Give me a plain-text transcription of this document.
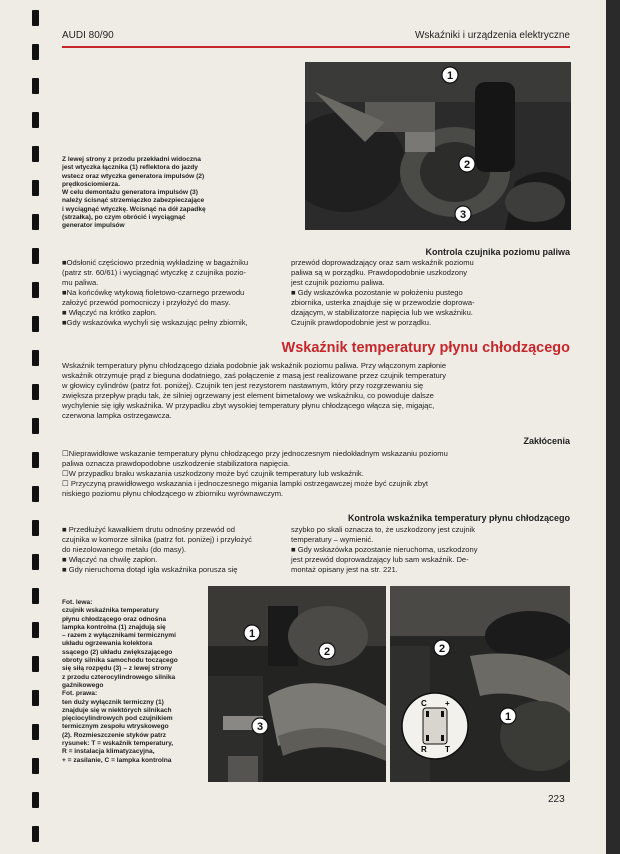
AUDI 80/90	Wskaźniki i urządzenia elektryczne
1
2
3
Z lewej strony z przodu przekładni widoczna
jest wtyczka łącznika (1) reflektora do jazdy
wstecz oraz wtyczka generatora impulsów (2)
prędkościomierza.
W celu demontażu generatora impulsów (3)
należy ścisnąć strzemiączko zabezpieczające
i wyciągnąć wtyczkę. Wcisnąć na dół zapadkę
(strzałka), po czym obrócić i wyciągnąć
generator impulsów
Kontrola czujnika poziomu paliwa
■Odsłonić częściowo przednią wykładzinę w bagażniku
(patrz str. 60/61) i wyciągnąć wtyczkę z czujnika pozio-
mu paliwa.
■Na końcówkę wtykową fioletowo-czarnego przewodu
założyć przewód pomocniczy i przyłożyć do masy.
■ Włączyć na krótko zapłon.
■Gdy wskazówka wychyli się wskazując pełny zbiornik,
przewód doprowadzający oraz sam wskaźnik poziomu
paliwa są w porządku. Prawdopodobnie uszkodzony
jest czujnik poziomu paliwa.
■ Gdy wskazówka pozostanie w położeniu pustego
zbiornika, usterka znajduje się w przewodzie doprowa-
dzającym, w stabilizatorze napięcia lub we wskaźniku.
Czujnik prawdopodobnie jest w porządku.
Wskaźnik temperatury płynu chłodzącego
Wskaźnik temperatury płynu chłodzącego działa podobnie jak wskaźnik poziomu paliwa. Przy włączonym zapłonie
wskaźnik otrzymuje prąd z bieguna dodatniego, zaś połączenie z masą jest realizowane przez czujnik temperatury
w głowicy cylindrów (patrz fot. poniżej). Czujnik ten jest rezystorem nastawnym, który przy rozgrzewaniu się
zwiększa przepływ prądu tak, że silniej ogrzewany jest element bimetalowy we wskaźniku, co powoduje dalsze
wychylenie się igły wskaźnika. W przypadku zbyt wysokiej temperatury płynu chłodzącego włącza się, migając,
czerwona lampka ostrzegawcza.
Zakłócenia
☐Nieprawidłowe wskazanie temperatury płynu chłodzącego przy jednoczesnym niedokładnym wskazaniu poziomu
paliwa oznacza prawdopodobne uszkodzenie stabilizatora napięcia.
☐W przypadku braku wskazania uszkodzony może być czujnik temperatury lub wskaźnik.
☐ Przyczyną prawidłowego wskazania i jednoczesnego migania lampki ostrzegawczej może być czujnik zbyt
niskiego poziomu płynu chłodzącego w zbiorniku wyrównawczym.
Kontrola wskaźnika temperatury płynu chłodzącego
■ Przedłużyć kawałkiem drutu odnośny przewód od
czujnika w komorze silnika (patrz fot. poniżej) i przyłożyć
do niezolowanego metalu (do masy).
■ Włączyć na chwilę zapłon.
■ Gdy nieruchoma dotąd igła wskaźnika porusza się
szybko po skali oznacza to, że uszkodzony jest czujnik
temperatury – wymienić.
■ Gdy wskazówka pozostanie nieruchoma, uszkodzony
jest przewód doprowadzający lub sam wskaźnik. De-
montaż opisany jest na str. 221.
Fot. lewa:
czujnik wskaźnika temperatury
płynu chłodzącego oraz odnośna
lampka kontrolna (1) znajdują się
– razem z wyłącznikami termicznymi
układu ogrzewania kolektora
ssącego (2) układu zwiększającego
obroty silnika samochodu toczącego
się siłą rozpędu (3) – z lewej strony
z przodu czterocylindrowego silnika
gaźnikowego
Fot. prawa:
ten duży wyłącznik termiczny (1)
znajduje się w niektórych silnikach
pięciocylindrowych pod czujnikiem
termicznym zespołu wtryskowego
(2). Rozmieszczenie styków patrz
rysunek: T = wskaźnik temperatury,
R = instalacja klimatyzacyjna,
+ = zasilanie, C = lampka kontrolna
1
2
3
C +
R T
2
1
223
